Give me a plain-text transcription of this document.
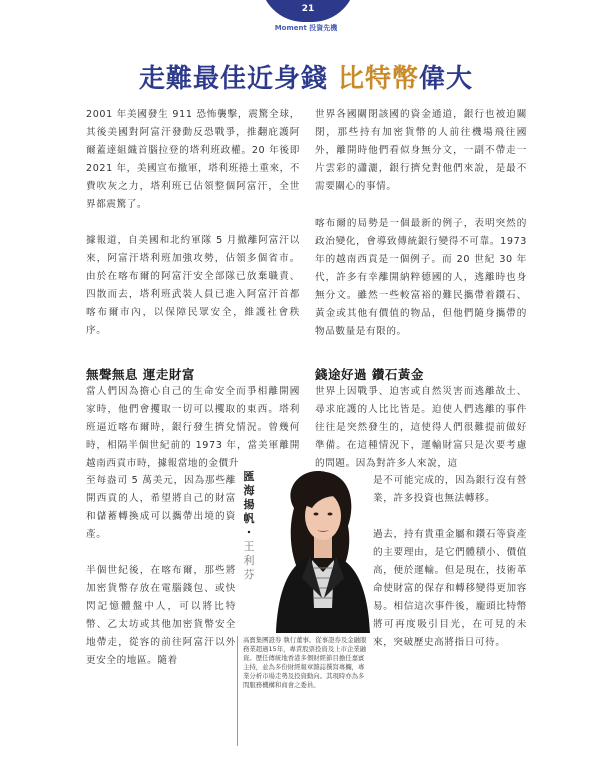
21
Moment 投資先機
走難最佳近身錢 比特幣偉大

2001 年美國發生 911 恐怖襲擊，震驚全球，其後美國對阿富汗發動反恐戰爭，推翻庇護阿爾蓋達組織首腦拉登的塔利班政權。20 年後即 2021 年，美國宣布撤軍，塔利班捲土重來，不費吹灰之力，塔利班已佔領整個阿富汗，全世界都震驚了。

據報道，自美國和北約軍隊 5 月撤離阿富汗以來，阿富汗塔利班加強攻勢，佔領多個省市。由於在喀布爾的阿富汗安全部隊已放棄職責、四散而去，塔利班武裝人員已進入阿富汗首都喀布爾市內，以保障民眾安全，維護社會秩序。

無聲無息 運走財富

當人們因為擔心自己的生命安全而爭相離開國家時，他們會攫取一切可以攫取的東西。塔利班逼近喀布爾時，銀行發生擠兌情況。曾幾何時，相隔半個世紀前的 1973 年，當美軍離開越南西貢市時，據報當地的金價升

至每盎司 5 萬美元，因為那些離開西貢的人，希望將自己的財富和儲蓄轉換成可以攜帶出境的資產。

半個世紀後，在喀布爾，那些將加密貨幣存放在電腦錢包、或快閃記憶體盤中人，可以將比特幣、乙太坊或其他加密貨幣安全地帶走，從容的前往阿富汗以外更安全的地區。隨着

世界各國關閉該國的資金通道，銀行也被迫關閉，那些持有加密貨幣的人前往機場飛往國外，離開時他們看似身無分文，一副不帶走一片雲彩的瀟灑，銀行擠兌對他們來說，是最不需要關心的事情。

喀布爾的局勢是一個最新的例子，表明突然的政治變化，會導致傳統銀行變得不可靠。1973 年的越南西貢是一個例子。而 20 世紀 30 年代，許多有幸離開納粹德國的人，逃離時也身無分文。雖然一些較富裕的難民攜帶着鑽石、黃金或其他有價值的物品，但他們隨身攜帶的物品數量是有限的。

錢途好過 鑽石黃金

世界上因戰爭、迫害或自然災害而逃離故土、尋求庇護的人比比皆是。迫使人們逃離的事件往往是突然發生的，這使得人們很難提前做好準備。在這種情況下，運輸財富只是次要考慮的問題。因為對許多人來說，這

是不可能完成的，因為銀行沒有營業，許多投資也無法轉移。

過去，持有貴重金屬和鑽石等資產的主要理由，是它們體積小、價值高，便於運輸。但是現在，技術革命使財富的保存和轉移變得更加容易。相信這次事件後，龐頭比特幣將可再度吸引目光，在可見的未來，突破歷史高將指日可待。

匯
海
揚
帆
・
王
利
芬

高寶集團證券 執行董事。從事證券及金融服務業超過15年，專責股票投資及上市企業融資。歷任傳統地香港多個財經節目擔任嘉賓主持，並為多份財經報章雜誌撰寫專欄，專業分析市場走勢及投資動向。其現時亦為多間服務機構和商會之委員。
